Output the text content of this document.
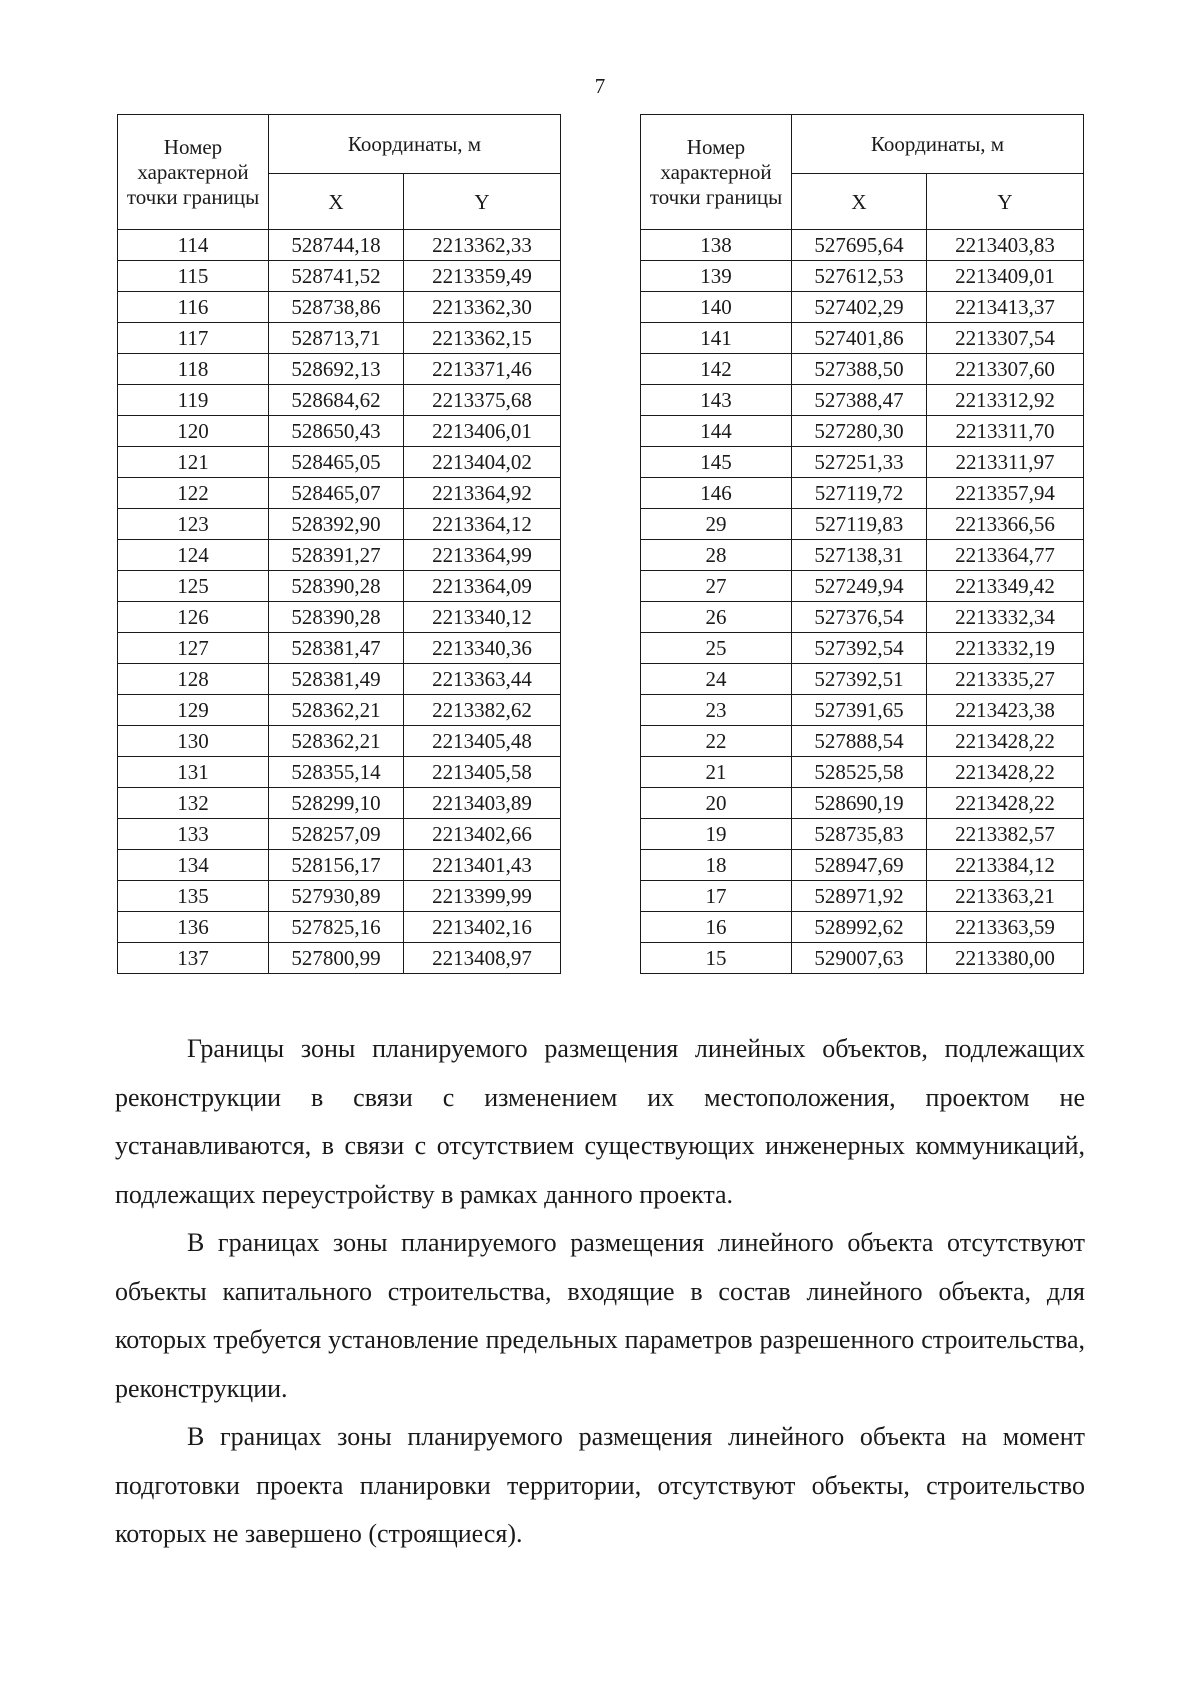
7
Номер характерной точки границы	Координаты, м	
	X	Y
114	528744,18	2213362,33
115	528741,52	2213359,49
116	528738,86	2213362,30
117	528713,71	2213362,15
118	528692,13	2213371,46
119	528684,62	2213375,68
120	528650,43	2213406,01
121	528465,05	2213404,02
122	528465,07	2213364,92
123	528392,90	2213364,12
124	528391,27	2213364,99
125	528390,28	2213364,09
126	528390,28	2213340,12
127	528381,47	2213340,36
128	528381,49	2213363,44
129	528362,21	2213382,62
130	528362,21	2213405,48
131	528355,14	2213405,58
132	528299,10	2213403,89
133	528257,09	2213402,66
134	528156,17	2213401,43
135	527930,89	2213399,99
136	527825,16	2213402,16
137	527800,99	2213408,97
Номер характерной точки границы	Координаты, м	
	X	Y
138	527695,64	2213403,83
139	527612,53	2213409,01
140	527402,29	2213413,37
141	527401,86	2213307,54
142	527388,50	2213307,60
143	527388,47	2213312,92
144	527280,30	2213311,70
145	527251,33	2213311,97
146	527119,72	2213357,94
29	527119,83	2213366,56
28	527138,31	2213364,77
27	527249,94	2213349,42
26	527376,54	2213332,34
25	527392,54	2213332,19
24	527392,51	2213335,27
23	527391,65	2213423,38
22	527888,54	2213428,22
21	528525,58	2213428,22
20	528690,19	2213428,22
19	528735,83	2213382,57
18	528947,69	2213384,12
17	528971,92	2213363,21
16	528992,62	2213363,59
15	529007,63	2213380,00

Границы зоны планируемого размещения линейных объектов, подлежащих реконструкции в связи с изменением их местоположения, проектом не устанавливаются, в связи с отсутствием существующих инженерных коммуникаций, подлежащих переустройству в рамках данного проекта.

В границах зоны планируемого размещения линейного объекта отсутствуют объекты капитального строительства, входящие в состав линейного объекта, для которых требуется установление предельных параметров разрешенного строительства, реконструкции.

В границах зоны планируемого размещения линейного объекта на момент подготовки проекта планировки территории, отсутствуют объекты, строительство которых не завершено (строящиеся).
